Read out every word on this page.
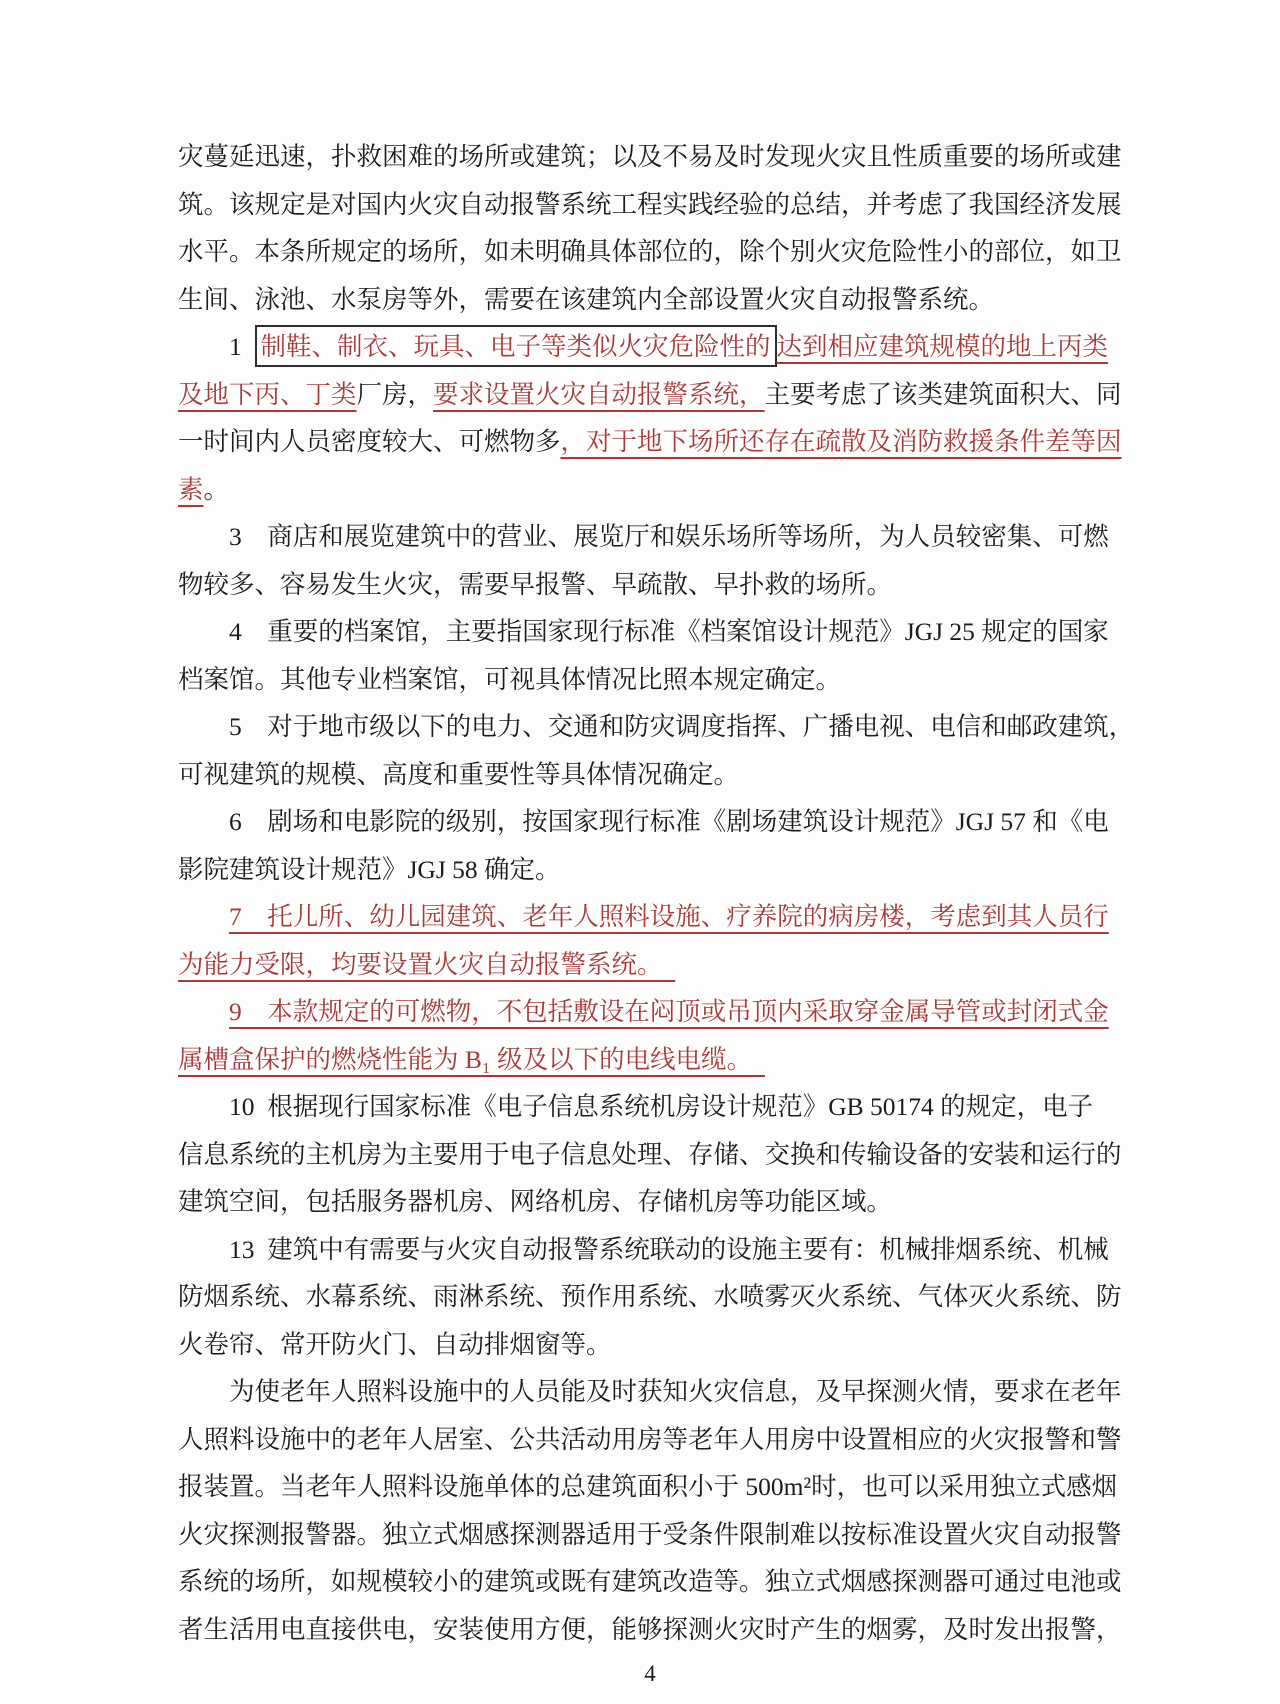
灾蔓延迅速，扑救困难的场所或建筑；以及不易及时发现火灾且性质重要的场所或建
筑。该规定是对国内火灾自动报警系统工程实践经验的总结，并考虑了我国经济发展
水平。本条所规定的场所，如未明确具体部位的，除个别火灾危险性小的部位，如卫
生间、泳池、水泵房等外，需要在该建筑内全部设置火灾自动报警系统。
　　1 制鞋、制衣、玩具、电子等类似火灾危险性的 达到相应建筑规模的地上丙类
及地下丙、丁类厂房，要求设置火灾自动报警系统，主要考虑了该类建筑面积大、同
一时间内人员密度较大、可燃物多，对于地下场所还存在疏散及消防救援条件差等因
素。
　　3　商店和展览建筑中的营业、展览厅和娱乐场所等场所，为人员较密集、可燃
物较多、容易发生火灾，需要早报警、早疏散、早扑救的场所。
　　4　重要的档案馆，主要指国家现行标准《档案馆设计规范》JGJ 25 规定的国家
档案馆。其他专业档案馆，可视具体情况比照本规定确定。
　　5　对于地市级以下的电力、交通和防灾调度指挥、广播电视、电信和邮政建筑，
可视建筑的规模、高度和重要性等具体情况确定。
　　6　剧场和电影院的级别，按国家现行标准《剧场建筑设计规范》JGJ 57 和《电
影院建筑设计规范》JGJ 58 确定。
　　7　托儿所、幼儿园建筑、老年人照料设施、疗养院的病房楼，考虑到其人员行
为能力受限，均要设置火灾自动报警系统。　
　　9　本款规定的可燃物，不包括敷设在闷顶或吊顶内采取穿金属导管或封闭式金
属槽盒保护的燃烧性能为 B₁ 级及以下的电线电缆。　
　　10 根据现行国家标准《电子信息系统机房设计规范》GB 50174 的规定，电子
信息系统的主机房为主要用于电子信息处理、存储、交换和传输设备的安装和运行的
建筑空间，包括服务器机房、网络机房、存储机房等功能区域。
　　13 建筑中有需要与火灾自动报警系统联动的设施主要有：机械排烟系统、机械
防烟系统、水幕系统、雨淋系统、预作用系统、水喷雾灭火系统、气体灭火系统、防
火卷帘、常开防火门、自动排烟窗等。
　　为使老年人照料设施中的人员能及时获知火灾信息，及早探测火情，要求在老年
人照料设施中的老年人居室、公共活动用房等老年人用房中设置相应的火灾报警和警
报装置。当老年人照料设施单体的总建筑面积小于 500m²时，也可以采用独立式感烟
火灾探测报警器。独立式烟感探测器适用于受条件限制难以按标准设置火灾自动报警
系统的场所，如规模较小的建筑或既有建筑改造等。独立式烟感探测器可通过电池或
者生活用电直接供电，安装使用方便，能够探测火灾时产生的烟雾，及时发出报警，
4
